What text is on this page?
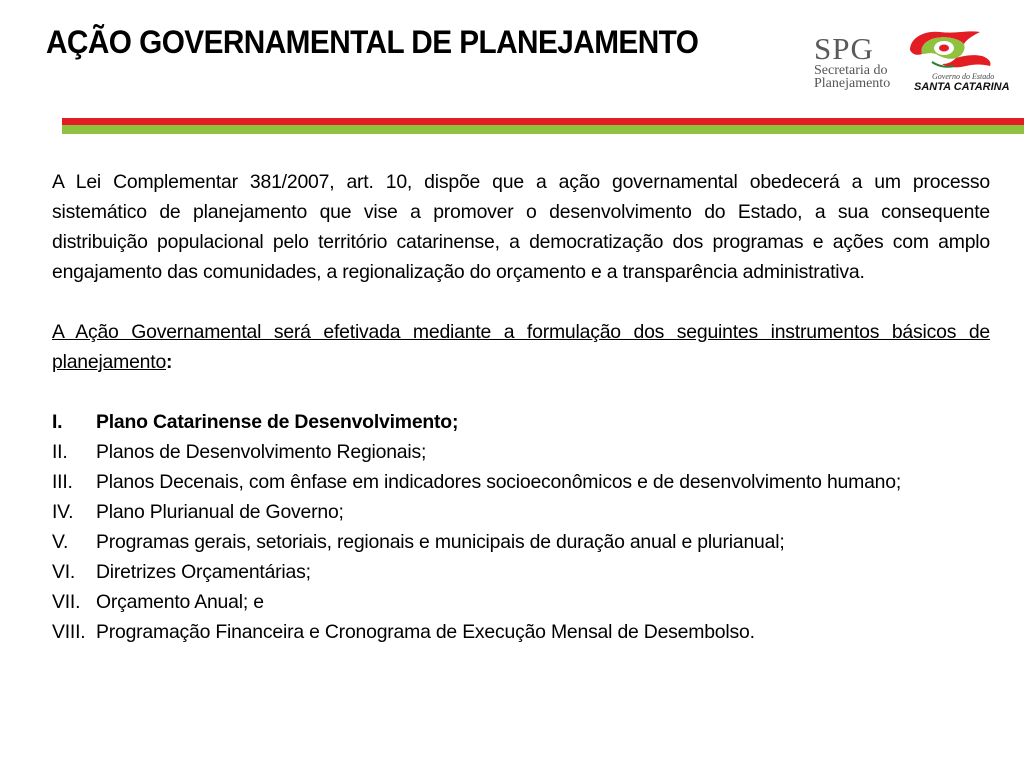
AÇÃO GOVERNAMENTAL DE PLANEJAMENTO	SPG
Secretaria do
Planejamento	Governo do Estado
SANTA CATARINA

A Lei Complementar 381/2007, art. 10, dispõe que a ação governamental obedecerá a um processo sistemático de planejamento que vise a promover o desenvolvimento do Estado, a sua consequente distribuição populacional pelo território catarinense, a democratização dos programas e ações com amplo engajamento das comunidades, a regionalização do orçamento e a transparência administrativa.

A Ação Governamental será efetivada mediante a formulação dos seguintes instrumentos básicos de planejamento:

I.	Plano Catarinense de Desenvolvimento;
II.	Planos de Desenvolvimento Regionais;
III.	Planos Decenais, com ênfase em indicadores socioeconômicos e de desenvolvimento humano;
IV.	Plano Plurianual de Governo;
V.	Programas gerais, setoriais, regionais e municipais de duração anual e plurianual;
VI.	Diretrizes Orçamentárias;
VII. Orçamento Anual; e
VIII. Programação Financeira e Cronograma de Execução Mensal de Desembolso.
